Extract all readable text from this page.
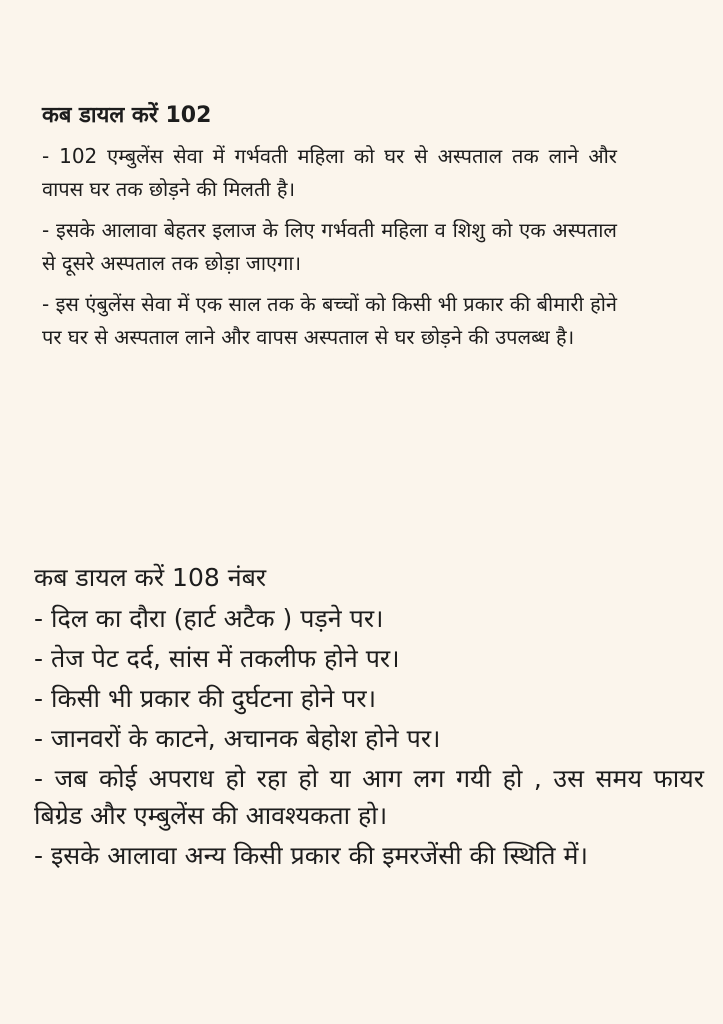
कब डायल करें 102

- 102 एम्बुलेंस सेवा में गर्भवती महिला को घर से अस्पताल तक लाने और वापस घर तक छोड़ने की मिलती है।

- इसके आलावा बेहतर इलाज के लिए गर्भवती महिला व शिशु को एक अस्पताल से दूसरे अस्पताल तक छोड़ा जाएगा।

- इस एंबुलेंस सेवा में एक साल तक के बच्चों को किसी भी प्रकार की बीमारी होने पर घर से अस्पताल लाने और वापस अस्पताल से घर छोड़ने की उपलब्ध है।

कब डायल करें 108 नंबर
- दिल का दौरा (हार्ट अटैक ) पड़ने पर।
- तेज पेट दर्द, सांस में तकलीफ होने पर।
- किसी भी प्रकार की दुर्घटना होने पर।
- जानवरों के काटने, अचानक बेहोश होने पर।
- जब कोई अपराध हो रहा हो या आग लग गयी हो , उस समय फायर बिग्रेड और एम्बुलेंस की आवश्यकता हो।
- इसके आलावा अन्य किसी प्रकार की इमरजेंसी की स्थिति में।
